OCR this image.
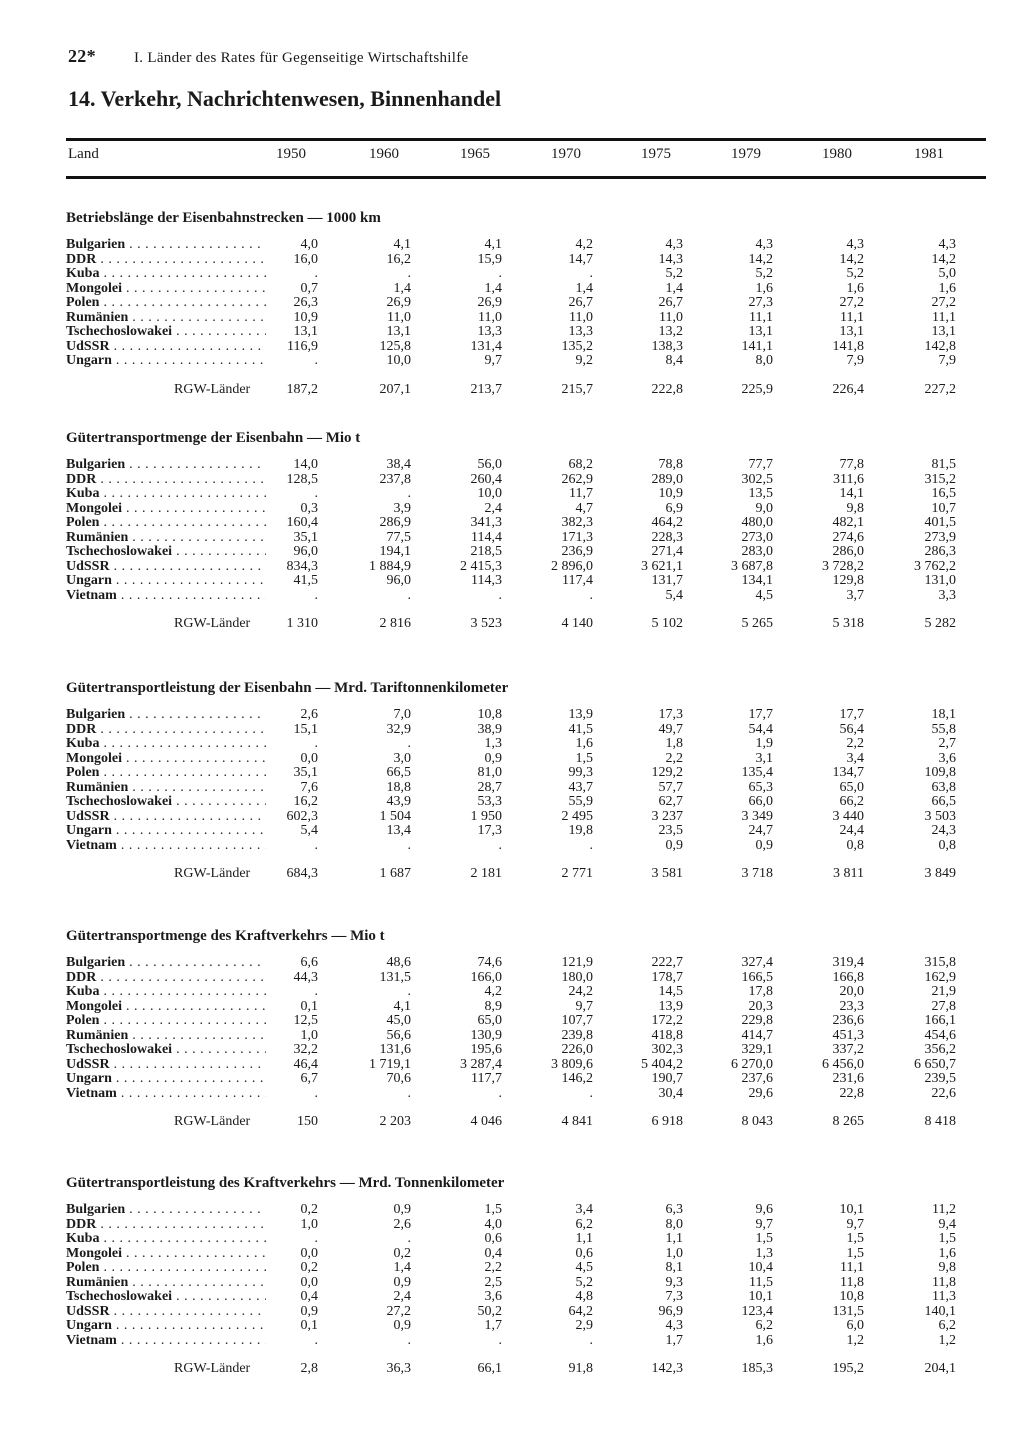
22*	I. Länder des Rates für Gegenseitige Wirtschaftshilfe
14. Verkehr, Nachrichtenwesen, Binnenhandel
Land	1950	1960	1965	1970	1975	1979	1980	1981
Betriebslänge der Eisenbahnstrecken — 1000 km
Bulgarien . . .	4,0	4,1	4,1	4,2	4,3	4,3	4,3	4,3
DDR . . .	16,0	16,2	15,9	14,7	14,3	14,2	14,2	14,2
Kuba . . .	.	.	.	.	5,2	5,2	5,2	5,0
Mongolei . . .	0,7	1,4	1,4	1,4	1,4	1,6	1,6	1,6
Polen . . .	26,3	26,9	26,9	26,7	26,7	27,3	27,2	27,2
Rumänien . . .	10,9	11,0	11,0	11,0	11,0	11,1	11,1	11,1
Tschechoslowakei . . .	13,1	13,1	13,3	13,3	13,2	13,1	13,1	13,1
UdSSR . . .	116,9	125,8	131,4	135,2	138,3	141,1	141,8	142,8
Ungarn . . .	.	10,0	9,7	9,2	8,4	8,0	7,9	7,9
RGW-Länder	187,2	207,1	213,7	215,7	222,8	225,9	226,4	227,2
Gütertransportmenge der Eisenbahn — Mio t
Bulgarien . . .	14,0	38,4	56,0	68,2	78,8	77,7	77,8	81,5
DDR . . .	128,5	237,8	260,4	262,9	289,0	302,5	311,6	315,2
Kuba . . .	.	.	10,0	11,7	10,9	13,5	14,1	16,5
Mongolei . . .	0,3	3,9	2,4	4,7	6,9	9,0	9,8	10,7
Polen . . .	160,4	286,9	341,3	382,3	464,2	480,0	482,1	401,5
Rumänien . . .	35,1	77,5	114,4	171,3	228,3	273,0	274,6	273,9
Tschechoslowakei . . .	96,0	194,1	218,5	236,9	271,4	283,0	286,0	286,3
UdSSR . . .	834,3	1 884,9	2 415,3	2 896,0	3 621,1	3 687,8	3 728,2	3 762,2
Ungarn . . .	41,5	96,0	114,3	117,4	131,7	134,1	129,8	131,0
Vietnam . . .	.	.	.	.	5,4	4,5	3,7	3,3
RGW-Länder	1 310	2 816	3 523	4 140	5 102	5 265	5 318	5 282
Gütertransportleistung der Eisenbahn — Mrd. Tariftonnenkilometer
Bulgarien . . .	2,6	7,0	10,8	13,9	17,3	17,7	17,7	18,1
DDR . . .	15,1	32,9	38,9	41,5	49,7	54,4	56,4	55,8
Kuba . . .	.	.	1,3	1,6	1,8	1,9	2,2	2,7
Mongolei . . .	0,0	3,0	0,9	1,5	2,2	3,1	3,4	3,6
Polen . . .	35,1	66,5	81,0	99,3	129,2	135,4	134,7	109,8
Rumänien . . .	7,6	18,8	28,7	43,7	57,7	65,3	65,0	63,8
Tschechoslowakei . . .	16,2	43,9	53,3	55,9	62,7	66,0	66,2	66,5
UdSSR . . .	602,3	1 504	1 950	2 495	3 237	3 349	3 440	3 503
Ungarn . . .	5,4	13,4	17,3	19,8	23,5	24,7	24,4	24,3
Vietnam . . .	.	.	.	.	0,9	0,9	0,8	0,8
RGW-Länder	684,3	1 687	2 181	2 771	3 581	3 718	3 811	3 849
Gütertransportmenge des Kraftverkehrs — Mio t
Bulgarien . . .	6,6	48,6	74,6	121,9	222,7	327,4	319,4	315,8
DDR . . .	44,3	131,5	166,0	180,0	178,7	166,5	166,8	162,9
Kuba . . .	.	.	4,2	24,2	14,5	17,8	20,0	21,9
Mongolei . . .	0,1	4,1	8,9	9,7	13,9	20,3	23,3	27,8
Polen . . .	12,5	45,0	65,0	107,7	172,2	229,8	236,6	166,1
Rumänien . . .	1,0	56,6	130,9	239,8	418,8	414,7	451,3	454,6
Tschechoslowakei . . .	32,2	131,6	195,6	226,0	302,3	329,1	337,2	356,2
UdSSR . . .	46,4	1 719,1	3 287,4	3 809,6	5 404,2	6 270,0	6 456,0	6 650,7
Ungarn . . .	6,7	70,6	117,7	146,2	190,7	237,6	231,6	239,5
Vietnam . . .	.	.	.	.	30,4	29,6	22,8	22,6
RGW-Länder	150	2 203	4 046	4 841	6 918	8 043	8 265	8 418
Gütertransportleistung des Kraftverkehrs — Mrd. Tonnenkilometer
Bulgarien . . .	0,2	0,9	1,5	3,4	6,3	9,6	10,1	11,2
DDR . . .	1,0	2,6	4,0	6,2	8,0	9,7	9,7	9,4
Kuba . . .	.	.	0,6	1,1	1,1	1,5	1,5	1,5
Mongolei . . .	0,0	0,2	0,4	0,6	1,0	1,3	1,5	1,6
Polen . . .	0,2	1,4	2,2	4,5	8,1	10,4	11,1	9,8
Rumänien . . .	0,0	0,9	2,5	5,2	9,3	11,5	11,8	11,8
Tschechoslowakei . . .	0,4	2,4	3,6	4,8	7,3	10,1	10,8	11,3
UdSSR . . .	0,9	27,2	50,2	64,2	96,9	123,4	131,5	140,1
Ungarn . . .	0,1	0,9	1,7	2,9	4,3	6,2	6,0	6,2
Vietnam . . .	.	.	.	.	1,7	1,6	1,2	1,2
RGW-Länder	2,8	36,3	66,1	91,8	142,3	185,3	195,2	204,1
